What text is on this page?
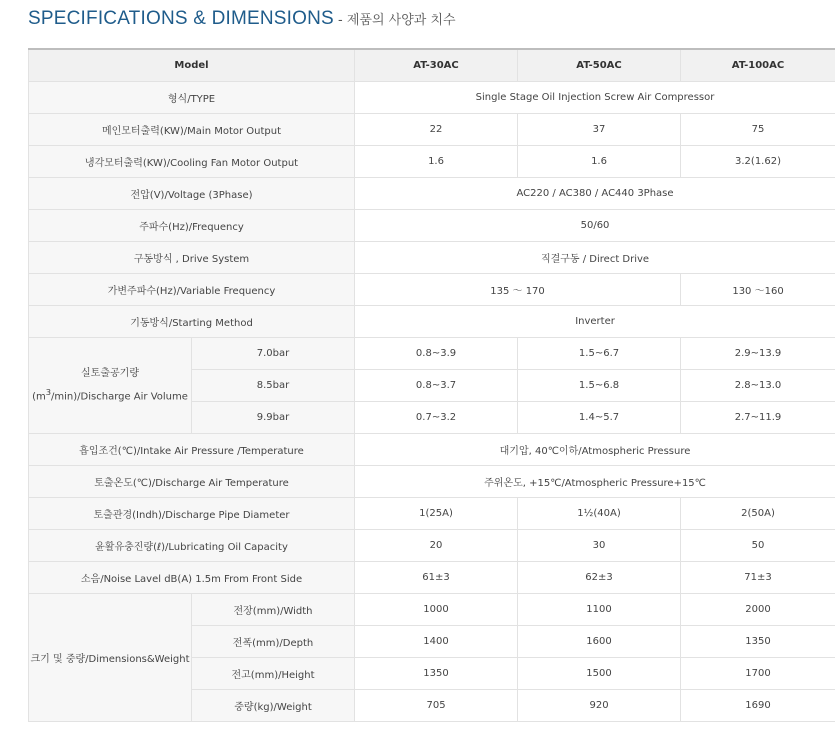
SPECIFICATIONS & DIMENSIONS - 제품의 사양과 치수
Model		AT-30AC	AT-50AC	AT-100AC
형식/TYPE		Single Stage Oil Injection Screw Air Compressor		
메인모터출력(KW)/Main Motor Output		22	37	75
냉각모터출력(KW)/Cooling Fan Motor Output		1.6	1.6	3.2(1.62)
전압(V)/Voltage (3Phase)		AC220 / AC380 / AC440 3Phase		
주파수(Hz)/Frequency		50/60		
구동방식 , Drive System		직결구동 / Direct Drive		
가변주파수(Hz)/Variable Frequency		135 ～ 170		130 ～160
기동방식/Starting Method		Inverter		
실토출공기량
$(m^3/\min)$/Discharge Air Volume	7.0bar	0.8~3.9	1.5~6.7	2.9~13.9
	8.5bar	0.8~3.7	1.5~6.8	2.8~13.0
	9.9bar	0.7~3.2	1.4~5.7	2.7~11.9
흡입조건(℃)/Intake Air Pressure /Temperature		대기압, 40℃이하/Atmospheric Pressure		
토출온도(℃)/Discharge Air Temperature		주위온도, +15℃/Atmospheric Pressure+15℃		
토출관경(Indh)/Discharge Pipe Diameter		1(25A)	1½(40A)	2(50A)
윤활유충진량(ℓ)/Lubricating Oil Capacity		20	30	50
소음/Noise Lavel dB(A) 1.5m From Front Side		61±3	62±3	71±3
크기 및 중량/Dimensions&Weight	전장(mm)/Width	1000	1100	2000
	전폭(mm)/Depth	1400	1600	1350
	전고(mm)/Height	1350	1500	1700
	중량(kg)/Weight	705	920	1690
